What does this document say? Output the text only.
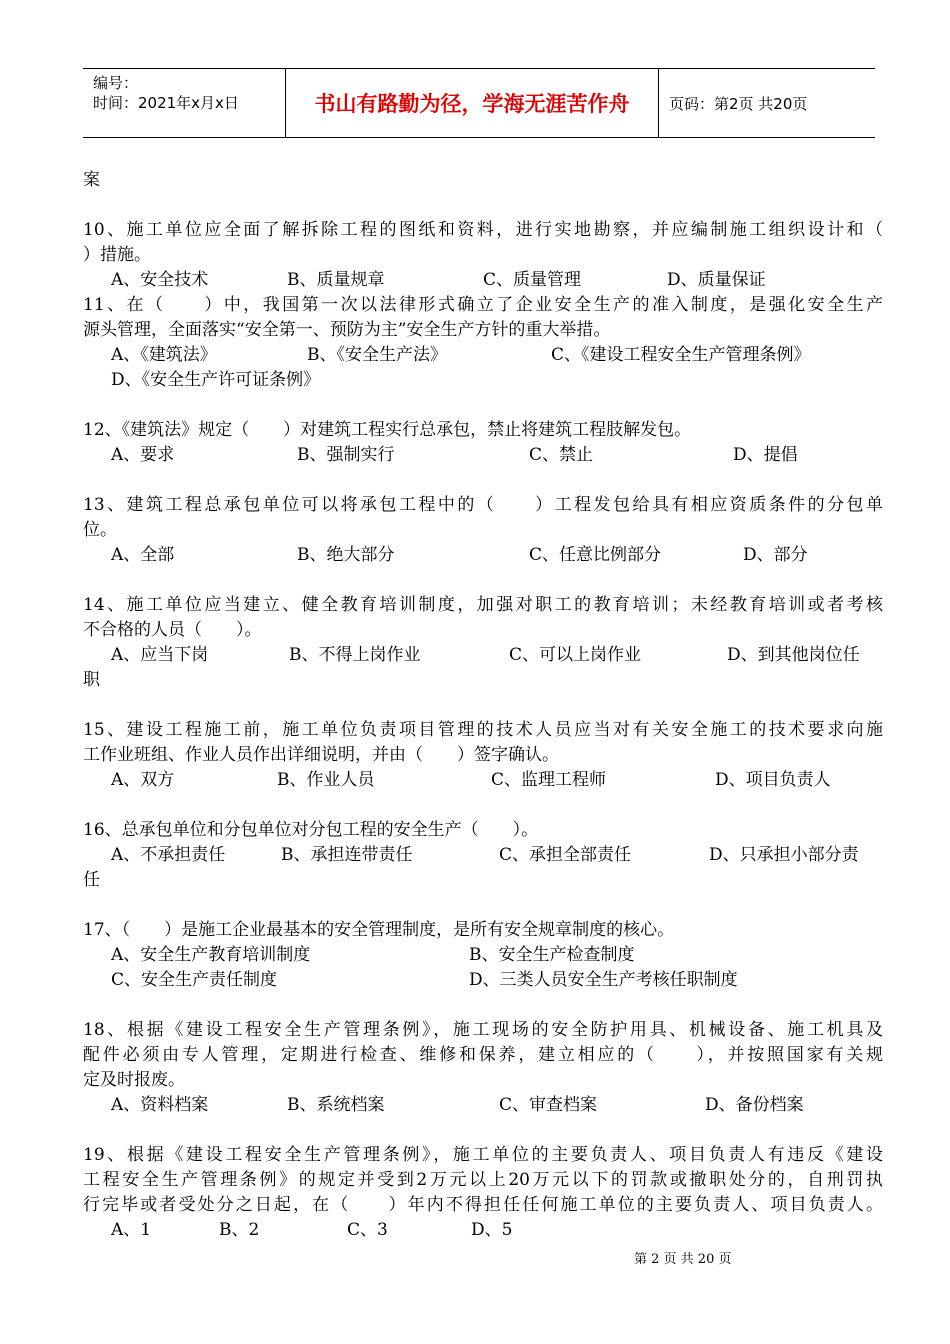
编号：
时间：2021年x月x日	书山有路勤为径，学海无涯苦作舟	页码：第2页 共20页
案
10、施工单位应全面了解拆除工程的图纸和资料，进行实地勘察，并应编制施工组织设计和（
）措施。
A、安全技术	B、质量规章	C、质量管理	D、质量保证
11、在（　　）中，我国第一次以法律形式确立了企业安全生产的准入制度，是强化安全生产
源头管理，全面落实“安全第一、预防为主”安全生产方针的重大举措。
A、《建筑法》	B、《安全生产法》	C、《建设工程安全生产管理条例》
D、《安全生产许可证条例》
12、《建筑法》规定（　　）对建筑工程实行总承包，禁止将建筑工程肢解发包。
A、要求	B、强制实行	C、禁止	D、提倡
13、建筑工程总承包单位可以将承包工程中的（　　）工程发包给具有相应资质条件的分包单
位。
A、全部	B、绝大部分	C、任意比例部分	D、部分
14、施工单位应当建立、健全教育培训制度，加强对职工的教育培训；未经教育培训或者考核
不合格的人员（　　）。
A、应当下岗	B、不得上岗作业	C、可以上岗作业	D、到其他岗位任
职
15、建设工程施工前，施工单位负责项目管理的技术人员应当对有关安全施工的技术要求向施
工作业班组、作业人员作出详细说明，并由（　　）签字确认。
A、双方	B、作业人员	C、监理工程师	D、项目负责人
16、总承包单位和分包单位对分包工程的安全生产（　　）。
A、不承担责任	B、承担连带责任	C、承担全部责任	D、只承担小部分责
任
17、（　　）是施工企业最基本的安全管理制度，是所有安全规章制度的核心。
A、安全生产教育培训制度	B、安全生产检查制度
C、安全生产责任制度	D、三类人员安全生产考核任职制度
18、根据《建设工程安全生产管理条例》，施工现场的安全防护用具、机械设备、施工机具及
配件必须由专人管理，定期进行检查、维修和保养，建立相应的（　　），并按照国家有关规
定及时报废。
A、资料档案	B、系统档案	C、审查档案	D、备份档案
19、根据《建设工程安全生产管理条例》，施工单位的主要负责人、项目负责人有违反《建设
工程安全生产管理条例》的规定并受到2万元以上20万元以下的罚款或撤职处分的，自刑罚执
行完毕或者受处分之日起，在（　　）年内不得担任任何施工单位的主要负责人、项目负责人。
A、1	B、2	C、3	D、5
第 2 页 共 20 页
